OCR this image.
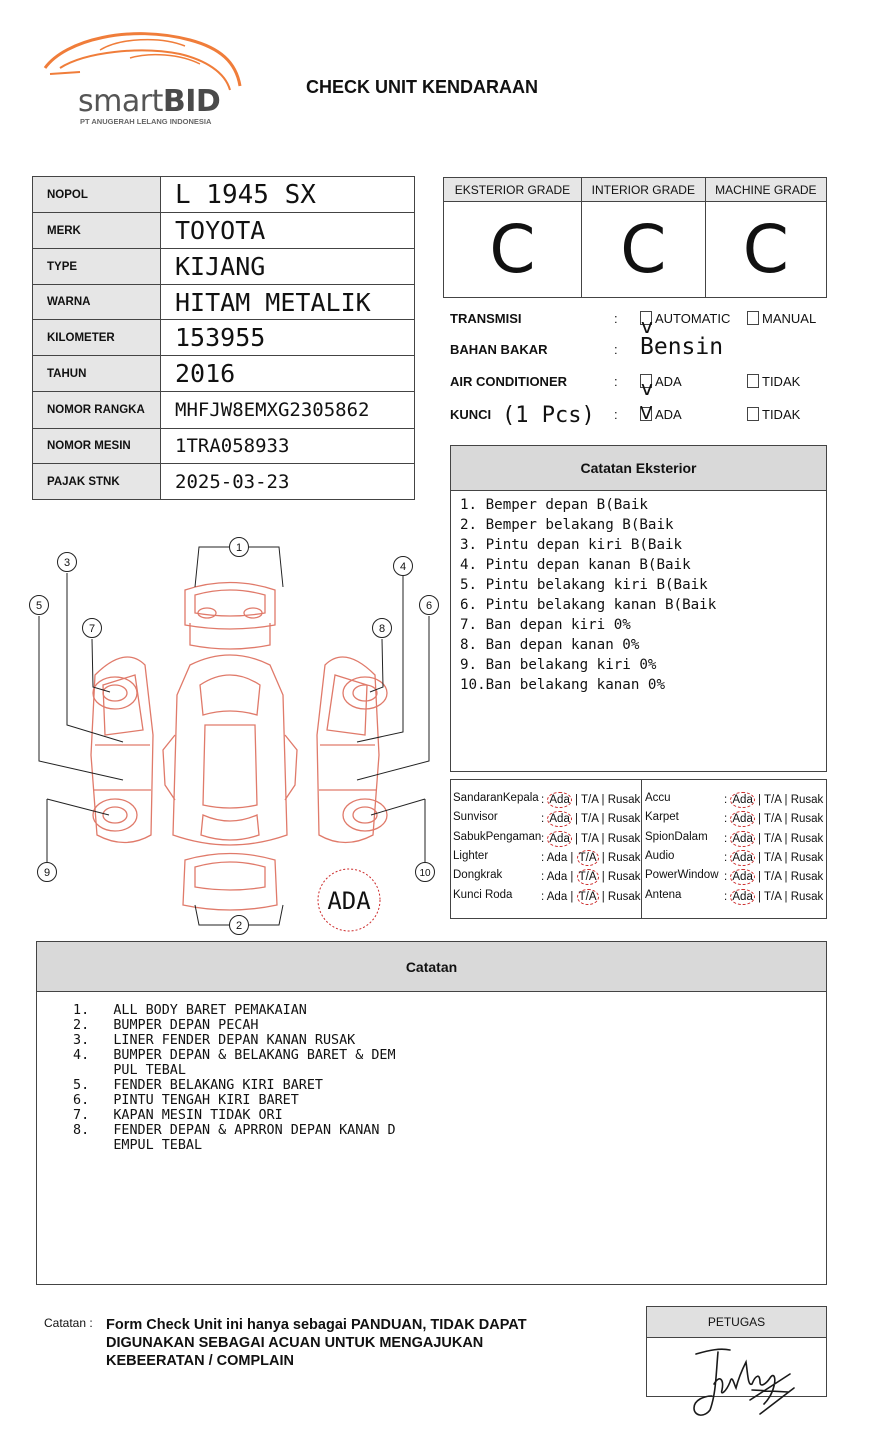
smartBID
PT ANUGERAH LELANG INDONESIA
CHECK UNIT KENDARAAN
NOPOL	L 1945 SX
MERK	TOYOTA
TYPE	KIJANG
WARNA	HITAM METALIK
KILOMETER	153955
TAHUN	2016
NOMOR RANGKA	MHFJW8EMXG2305862
NOMOR MESIN	1TRA058933
PAJAK STNK	2025-03-23
EKSTERIOR GRADE	INTERIOR GRADE	MACHINE GRADE
C	C	C
TRANSMISI	: v AUTOMATIC MANUAL
BAHAN BAKAR	: Bensin
AIR CONDITIONER	: v ADA	TIDAK
KUNCI (1 Pcs) : V ADA	TIDAK
Catatan Eksterior
1. Bemper depan B(Baik
2. Bemper belakang B(Baik
3. Pintu depan kiri B(Baik
4. Pintu depan kanan B(Baik
5. Pintu belakang kiri B(Baik
6. Pintu belakang kanan B(Baik
7. Ban depan kiri 0%
8. Ban depan kanan 0%
9. Ban belakang kiri 0%
10.Ban belakang kanan 0%
SandaranKepala : Ada | T/A | Rusak
Sunvisor	: Ada | T/A | Rusak
SabukPengaman : Ada | T/A | Rusak
Lighter	: Ada | T/A | Rusak
Dongkrak	: Ada | T/A | Rusak
Kunci Roda : Ada | T/A | Rusak
Accu	: Ada | T/A | Rusak
Karpet	: Ada | T/A | Rusak
SpionDalam : Ada | T/A | Rusak
Audio	: Ada | T/A | Rusak
PowerWindow : Ada | T/A | Rusak
Antena	: Ada | T/A | Rusak
1
2
3	4
5	6
7	8
9	10
ADA
Catatan
1.   ALL BODY BARET PEMAKAIAN
2.   BUMPER DEPAN PECAH
3.   LINER FENDER DEPAN KANAN RUSAK
4.   BUMPER DEPAN & BELAKANG BARET & DEM
PUL TEBAL
5.   FENDER BELAKANG KIRI BARET
6.   PINTU TENGAH KIRI BARET
7.   KAPAN MESIN TIDAK ORI
8.   FENDER DEPAN & APRRON DEPAN KANAN D
EMPUL TEBAL
Catatan : Form Check Unit ini hanya sebagai PANDUAN, TIDAK DAPAT DIGUNAKAN SEBAGAI ACUAN UNTUK MENGAJUKAN KEBEERATAN / COMPLAIN
PETUGAS
